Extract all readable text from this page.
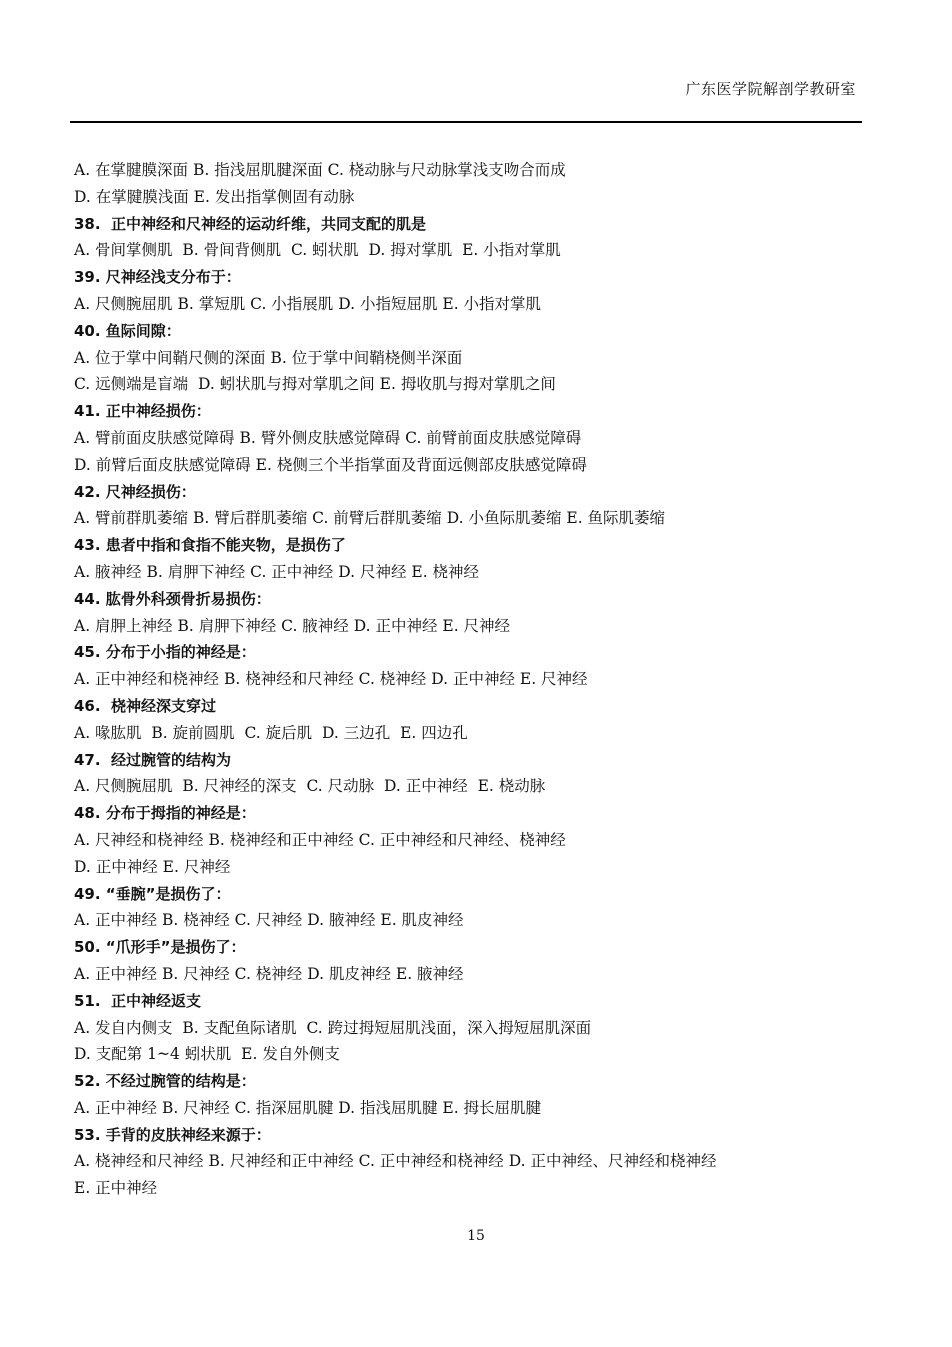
广东医学院解剖学教研室
A. 在掌腱膜深面 B. 指浅屈肌腱深面 C. 桡动脉与尺动脉掌浅支吻合而成
D. 在掌腱膜浅面 E. 发出指掌侧固有动脉
38.  正中神经和尺神经的运动纤维，共同支配的肌是
A. 骨间掌侧肌  B. 骨间背侧肌  C. 蚓状肌  D. 拇对掌肌  E. 小指对掌肌
39. 尺神经浅支分布于：
A. 尺侧腕屈肌 B. 掌短肌 C. 小指展肌 D. 小指短屈肌 E. 小指对掌肌
40. 鱼际间隙：
A. 位于掌中间鞘尺侧的深面 B. 位于掌中间鞘桡侧半深面
C. 远侧端是盲端  D. 蚓状肌与拇对掌肌之间 E. 拇收肌与拇对掌肌之间
41. 正中神经损伤：
A. 臂前面皮肤感觉障碍 B. 臂外侧皮肤感觉障碍 C. 前臂前面皮肤感觉障碍
D. 前臂后面皮肤感觉障碍 E. 桡侧三个半指掌面及背面远侧部皮肤感觉障碍
42. 尺神经损伤：
A. 臂前群肌萎缩 B. 臂后群肌萎缩 C. 前臂后群肌萎缩 D. 小鱼际肌萎缩 E. 鱼际肌萎缩
43. 患者中指和食指不能夹物，是损伤了
A. 腋神经 B. 肩胛下神经 C. 正中神经 D. 尺神经 E. 桡神经
44. 肱骨外科颈骨折易损伤：
A. 肩胛上神经 B. 肩胛下神经 C. 腋神经 D. 正中神经 E. 尺神经
45. 分布于小指的神经是：
A. 正中神经和桡神经 B. 桡神经和尺神经 C. 桡神经 D. 正中神经 E. 尺神经
46.  桡神经深支穿过
A. 喙肱肌  B. 旋前圆肌  C. 旋后肌  D. 三边孔  E. 四边孔
47.  经过腕管的结构为
A. 尺侧腕屈肌  B. 尺神经的深支  C. 尺动脉  D. 正中神经  E. 桡动脉
48. 分布于拇指的神经是：
A. 尺神经和桡神经 B. 桡神经和正中神经 C. 正中神经和尺神经、桡神经
D. 正中神经 E. 尺神经
49. “垂腕”是损伤了：
A. 正中神经 B. 桡神经 C. 尺神经 D. 腋神经 E. 肌皮神经
50. “爪形手”是损伤了：
A. 正中神经 B. 尺神经 C. 桡神经 D. 肌皮神经 E. 腋神经
51.  正中神经返支
A. 发自内侧支  B. 支配鱼际诸肌  C. 跨过拇短屈肌浅面，深入拇短屈肌深面
D. 支配第 1~4 蚓状肌  E. 发自外侧支
52. 不经过腕管的结构是：
A. 正中神经 B. 尺神经 C. 指深屈肌腱 D. 指浅屈肌腱 E. 拇长屈肌腱
53. 手背的皮肤神经来源于：
A. 桡神经和尺神经 B. 尺神经和正中神经 C. 正中神经和桡神经 D. 正中神经、尺神经和桡神经
E. 正中神经
15
